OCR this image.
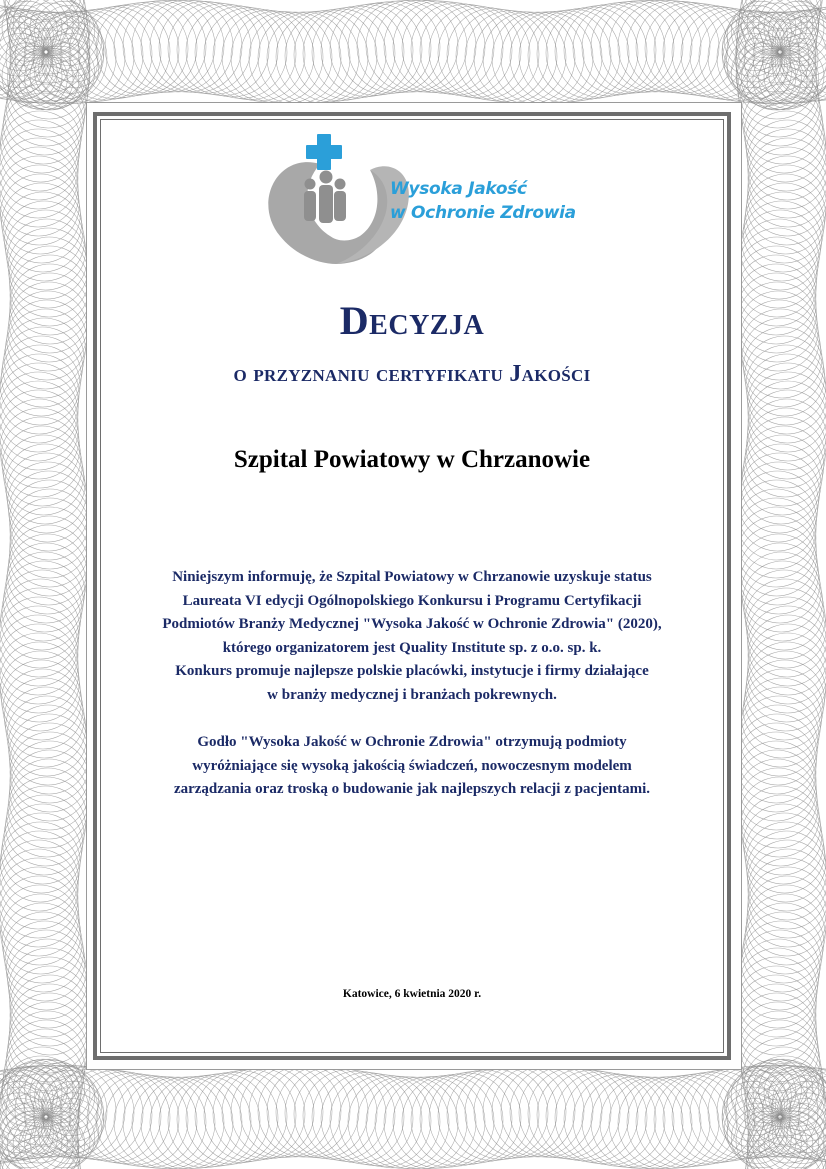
Wysoka Jakość
w Ochronie Zdrowia
Decyzja
o przyznaniu certyfikatu Jakości
Szpital Powiatowy w Chrzanowie
Niniejszym informuję, że Szpital Powiatowy w Chrzanowie uzyskuje status
Laureata VI edycji Ogólnopolskiego Konkursu i Programu Certyfikacji
Podmiotów Branży Medycznej "Wysoka Jakość w Ochronie Zdrowia" (2020),
którego organizatorem jest Quality Institute sp. z o.o. sp. k.
Konkurs promuje najlepsze polskie placówki, instytucje i firmy działające
w branży medycznej i branżach pokrewnych.
Godło "Wysoka Jakość w Ochronie Zdrowia" otrzymują podmioty
wyróżniające się wysoką jakością świadczeń, nowoczesnym modelem
zarządzania oraz troską o budowanie jak najlepszych relacji z pacjentami.
Katowice, 6 kwietnia 2020 r.
